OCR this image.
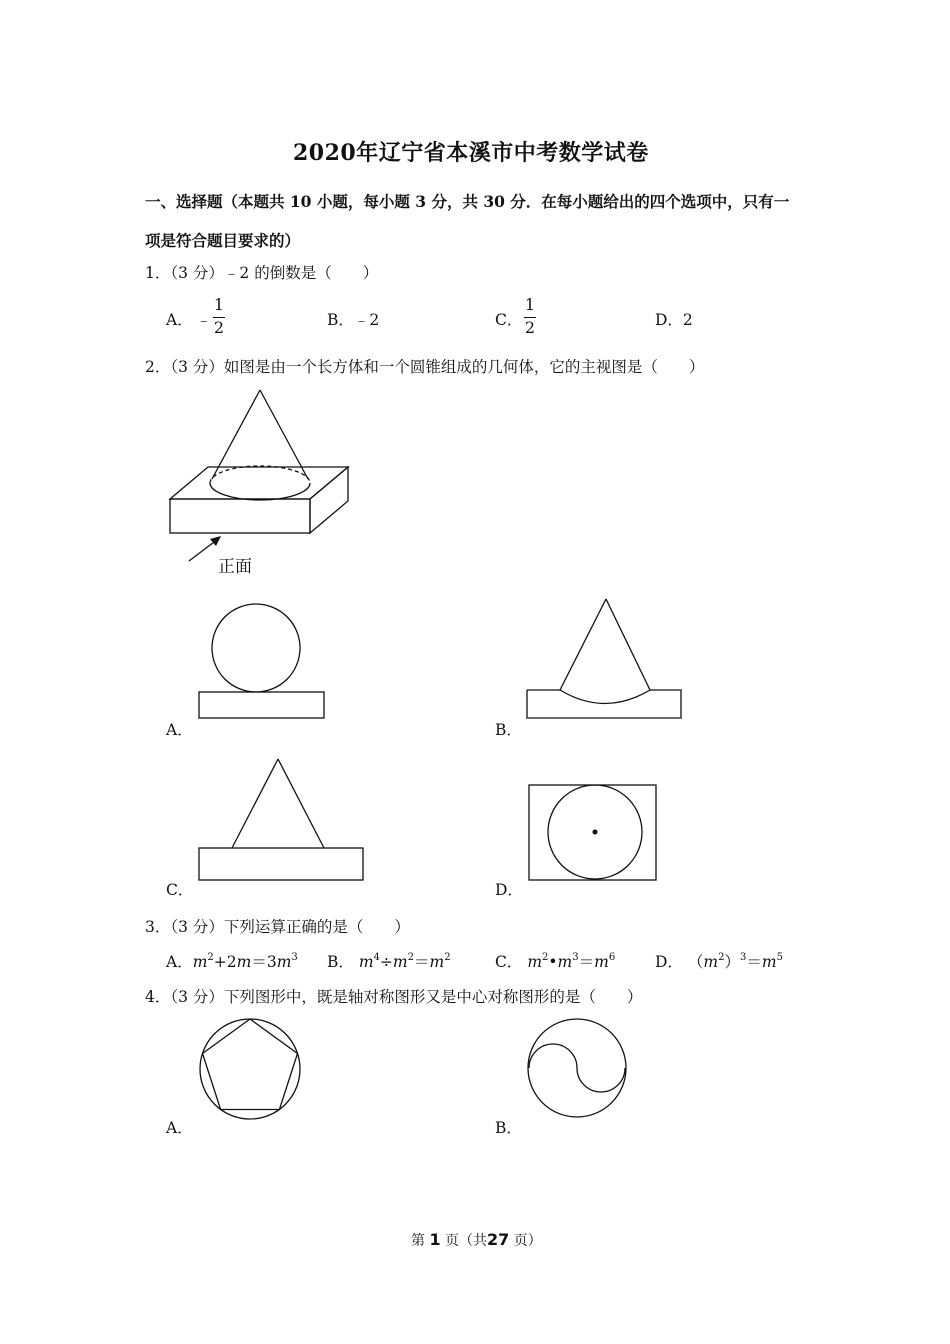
2020年辽宁省本溪市中考数学试卷
一、选择题（本题共 10 小题，每小题 3 分，共 30 分．在每小题给出的四个选项中，只有一
项是符合题目要求的）
1．（3 分）﹣2 的倒数是（　　）
A． ﹣
1
2	B．﹣2	C．
1
2	D．2
2．（3 分）如图是由一个长方体和一个圆锥组成的几何体，它的主视图是（　　）
正面
A．	B．
C．	D．
3．（3 分）下列运算正确的是（　　）
A．$m^2+2m=3m^3$ B． $m^4\div m^2=m^2$	C． $m^2•m^3=m^6$	D． $(m^2)^3=m^5$
4．（3 分）下列图形中，既是轴对称图形又是中心对称图形的是（　　）
A．	B．
第 1 页（共27 页）
